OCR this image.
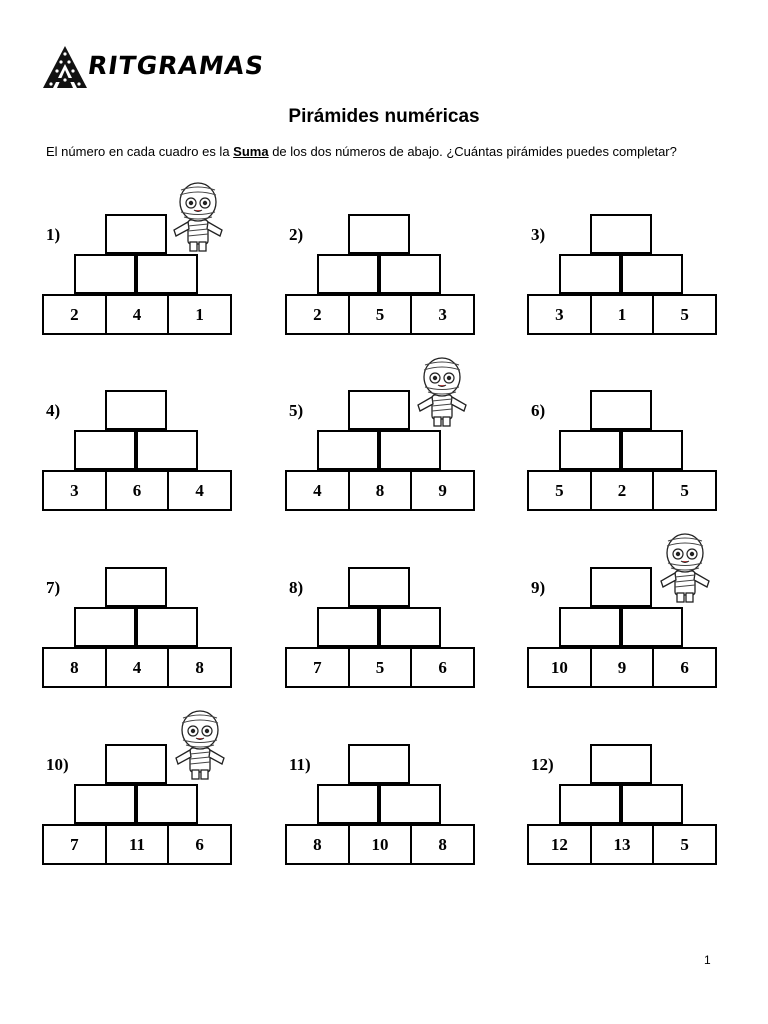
RITGRAMAS
Pirámides numéricas
El número en cada cuadro es la Suma de los dos números de abajo. ¿Cuántas pirámides puedes completar?
1)
2	4	1
2)
2	5	3
3)
3	1	5
4)
3	6	4
5)
4	8	9
6)
5	2	5
7)
8	4	8
8)
7	5	6
9)
10	9	6
10)
7	11	6
11)
8	10	8
12)
12	13	5
1
